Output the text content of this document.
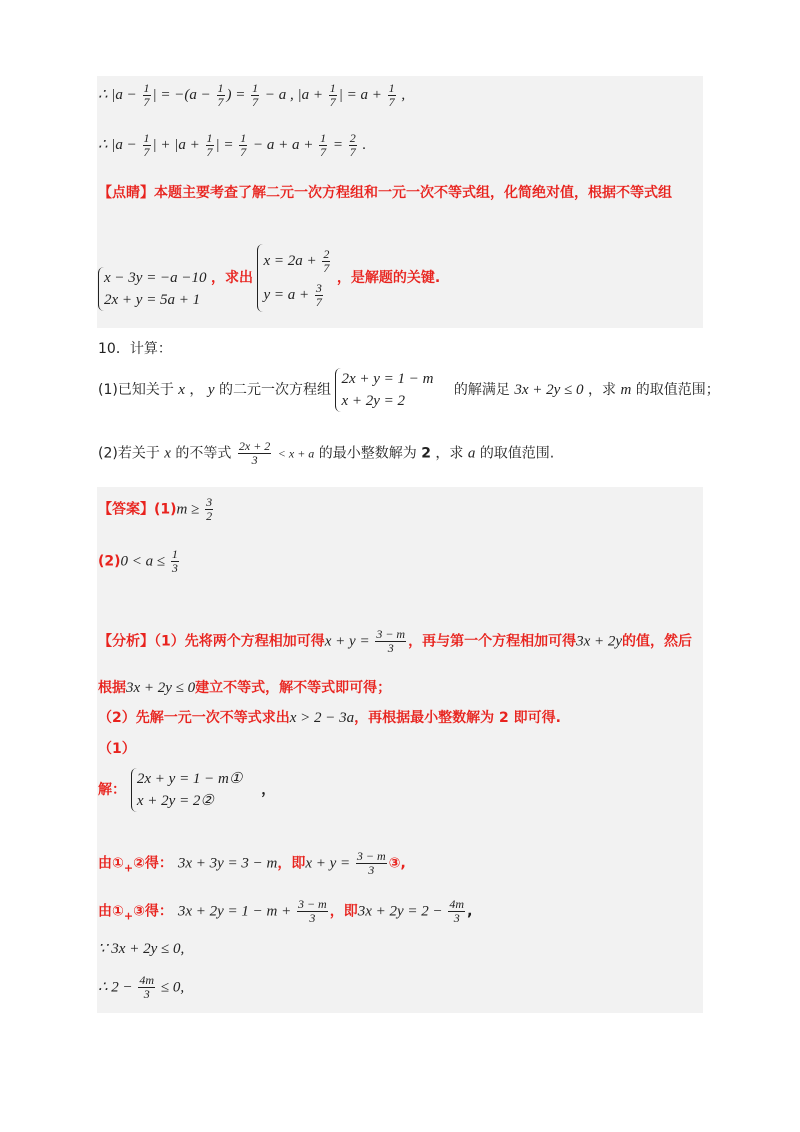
∴ $|a - \frac{1}{7}$ | = $-(a - \frac{1}{7}$ ) = $\frac{1}{7} - a$ , $|a + \frac{1}{7}$ | = $a + \frac{1}{7}$ ,
∴ $|a - \frac{1}{7}$ | + $|a + \frac{1}{7}$ | = $\frac{1}{7} - a + a + \frac{1}{7} = \frac{2}{7}$ .
【点睛】本题主要考查了解二元一次方程组和一元一次不等式组，化简绝对值，根据不等式组
x − 3y = −a −10
2x + y = 5a + 1
，求出
$x = 2a + \frac{2}{7}$
$y = a + \frac{3}{7}$
，是解题的关键.
10．计算：
(1)已知关于 x ， y 的二元一次方程组
2x + y = 1 − m
x + 2y = 2
的解满足 3x + 2y ≤ 0 ，求 m 的取值范围；
(2)若关于 x 的不等式 $\frac{2x + 2}{3} < x + a$ 的最小整数解为 2 ，求 a 的取值范围.
【答案】$(1)m \ge \frac{3}{2}$
$(2)0 < a \le \frac{1}{3}$
【分析】（1）先将两个方程相加可得$x + y = \frac{3 - m}{3}$ ，再与第一个方程相加可得3x + 2y的值，然后
根据3x + 2y ≤ 0建立不等式，解不等式即可得；
（2）先解一元一次不等式求出x > 2 − 3a，再根据最小整数解为 2 即可得.
（1）
解：
2x + y = 1 − m①
x + 2y = 2②
，
由$①_+②$得： 3x + 3y = 3 − m，即$x + y = \frac{3 - m}{3}$ ③,
由$①_+③$得： $3x + 2y = 1 - m + \frac{3 - m}{3}$ ，即$3x + 2y = 2 - \frac{4m}{3}$ ,
∵ 3x + 2y ≤ 0,
∴ $2 - \frac{4m}{3} \le 0$,
